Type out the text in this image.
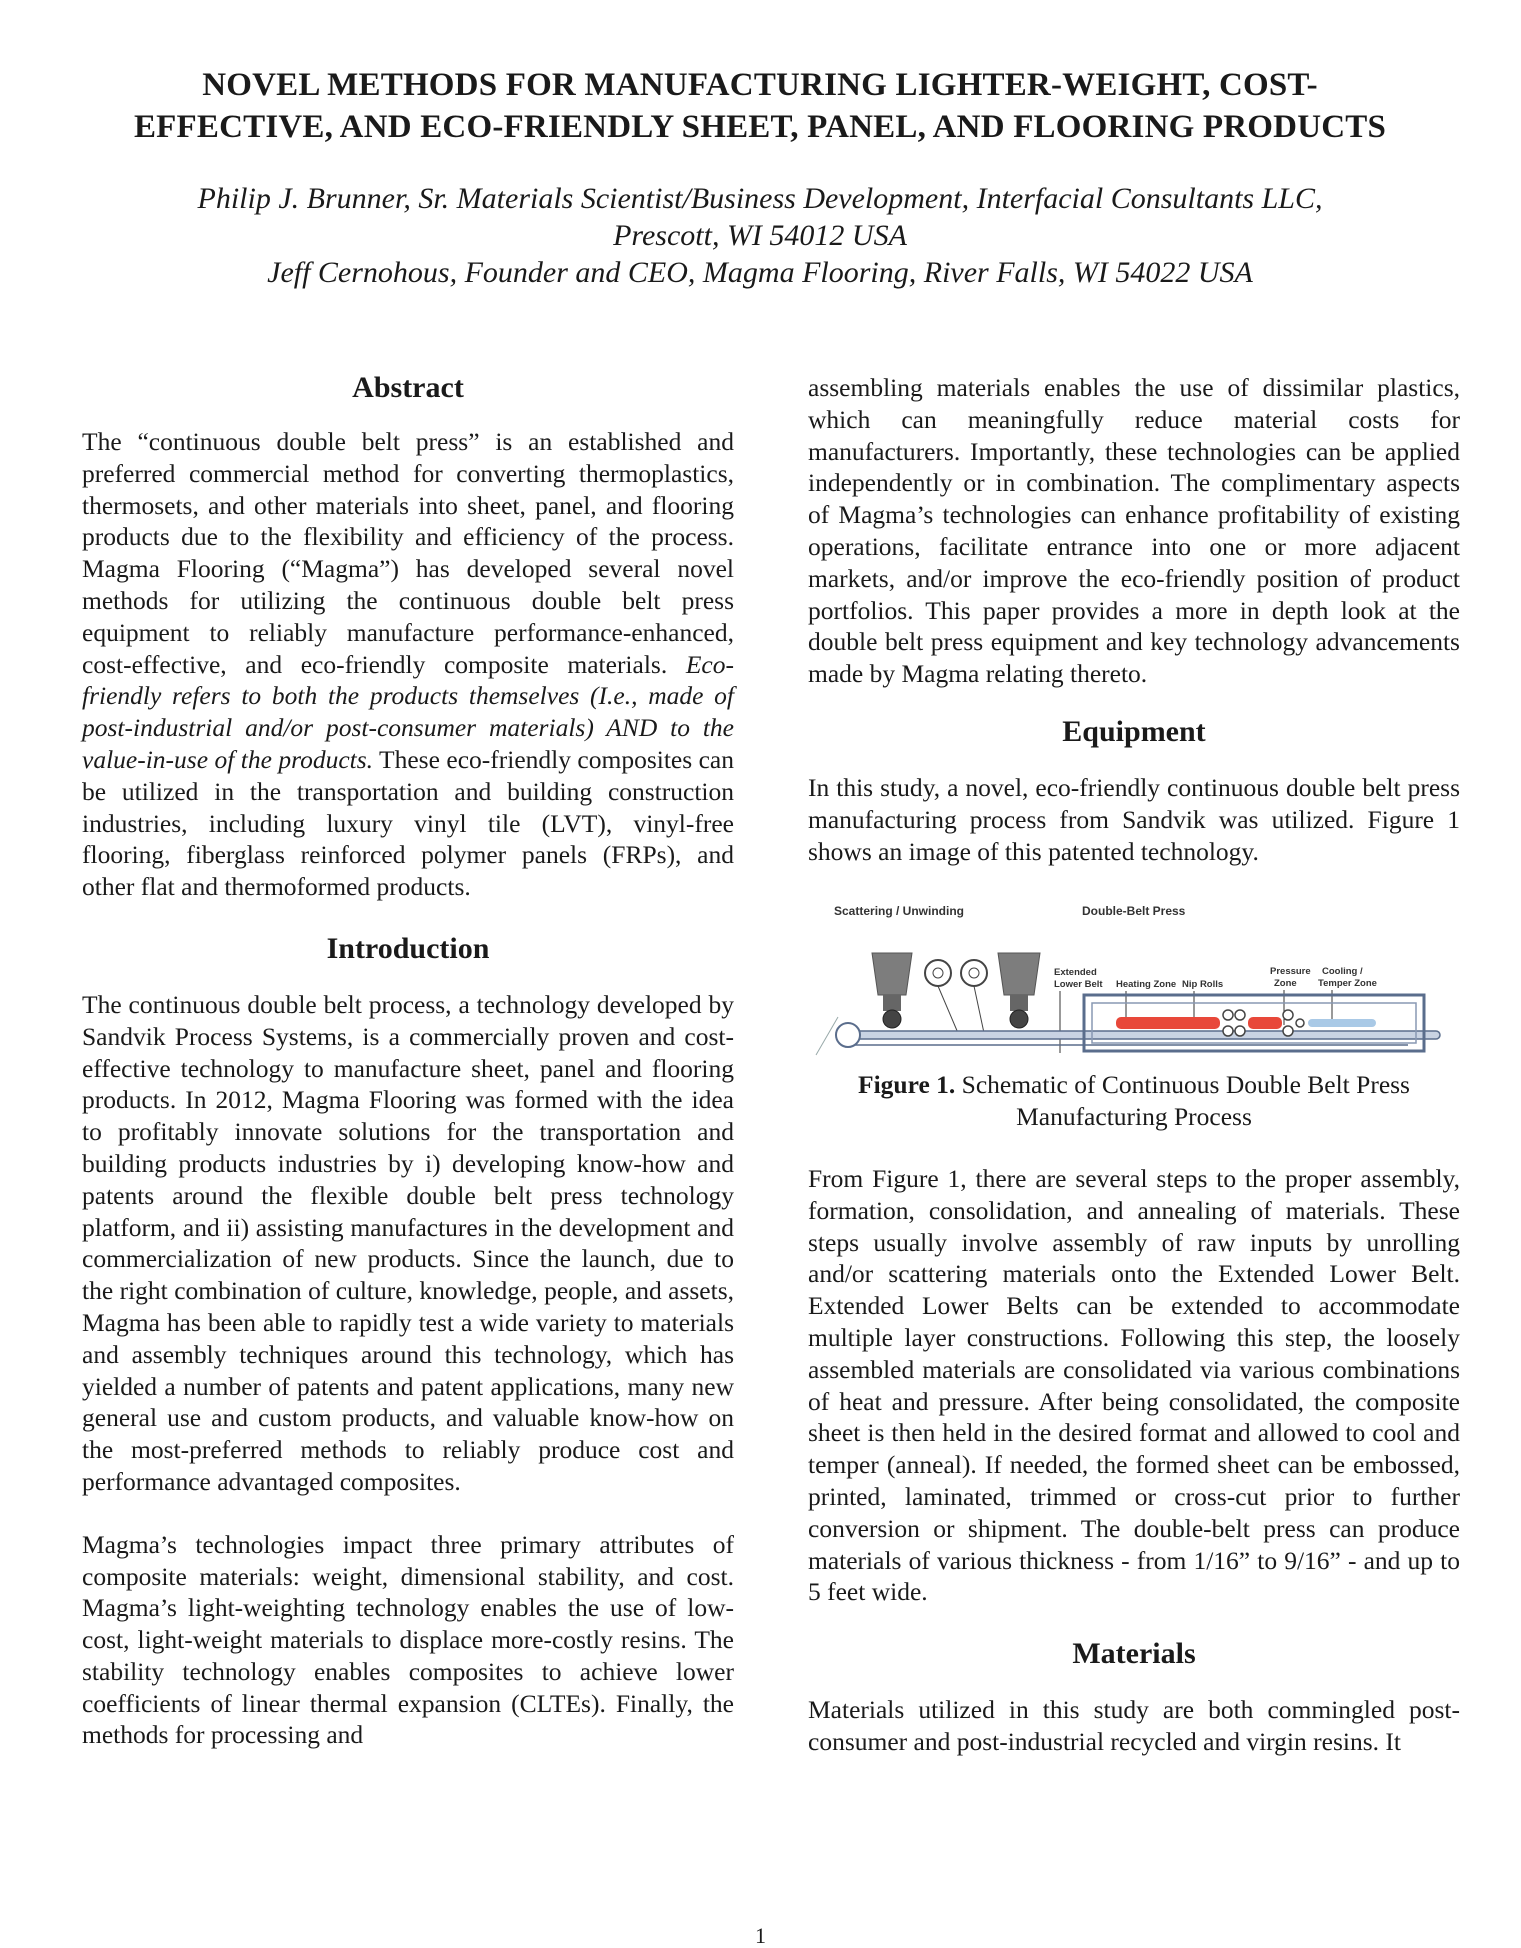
NOVEL METHODS FOR MANUFACTURING LIGHTER-WEIGHT, COST-
EFFECTIVE, AND ECO-FRIENDLY SHEET, PANEL, AND FLOORING PRODUCTS
Philip J. Brunner, Sr. Materials Scientist/Business Development, Interfacial Consultants LLC,
Prescott, WI 54012 USA
Jeff Cernohous, Founder and CEO, Magma Flooring, River Falls, WI 54022 USA
Abstract

The “continuous double belt press” is an established and preferred commercial method for converting thermoplastics, thermosets, and other materials into sheet, panel, and flooring products due to the flexibility and efficiency of the process. Magma Flooring (“Magma”) has developed several novel methods for utilizing the continuous double belt press equipment to reliably manufacture performance-enhanced, cost-effective, and eco-friendly composite materials. Eco-friendly refers to both the products themselves (I.e., made of post-industrial and/or post-consumer materials) AND to the value-in-use of the products. These eco-friendly composites can be utilized in the transportation and building construction industries, including luxury vinyl tile (LVT), vinyl-free flooring, fiberglass reinforced polymer panels (FRPs), and other flat and thermoformed products.

Introduction

The continuous double belt process, a technology developed by Sandvik Process Systems, is a commercially proven and cost-effective technology to manufacture sheet, panel and flooring products. In 2012, Magma Flooring was formed with the idea to profitably innovate solutions for the transportation and building products industries by i) developing know-how and patents around the flexible double belt press technology platform, and ii) assisting manufactures in the development and commercialization of new products. Since the launch, due to the right combination of culture, knowledge, people, and assets, Magma has been able to rapidly test a wide variety to materials and assembly techniques around this technology, which has yielded a number of patents and patent applications, many new general use and custom products, and valuable know-how on the most-preferred methods to reliably produce cost and performance advantaged composites.

Magma’s technologies impact three primary attributes of composite materials: weight, dimensional stability, and cost. Magma’s light-weighting technology enables the use of low-cost, light-weight materials to displace more-costly resins. The stability technology enables composites to achieve lower coefficients of linear thermal expansion (CLTEs). Finally, the methods for processing and

assembling materials enables the use of dissimilar plastics, which can meaningfully reduce material costs for manufacturers. Importantly, these technologies can be applied independently or in combination. The complimentary aspects of Magma’s technologies can enhance profitability of existing operations, facilitate entrance into one or more adjacent markets, and/or improve the eco-friendly position of product portfolios. This paper provides a more in depth look at the double belt press equipment and key technology advancements made by Magma relating thereto.

Equipment

In this study, a novel, eco-friendly continuous double belt press manufacturing process from Sandvik was utilized. Figure 1 shows an image of this patented technology.

Scattering / Unwinding	Double-Belt Press
Extended
Lower Belt Heating Zone Nip Rolls
Pressure
Zone
Cooling /
Temper Zone

Figure 1. Schematic of Continuous Double Belt Press Manufacturing Process

From Figure 1, there are several steps to the proper assembly, formation, consolidation, and annealing of materials. These steps usually involve assembly of raw inputs by unrolling and/or scattering materials onto the Extended Lower Belt. Extended Lower Belts can be extended to accommodate multiple layer constructions. Following this step, the loosely assembled materials are consolidated via various combinations of heat and pressure. After being consolidated, the composite sheet is then held in the desired format and allowed to cool and temper (anneal). If needed, the formed sheet can be embossed, printed, laminated, trimmed or cross-cut prior to further conversion or shipment. The double-belt press can produce materials of various thickness - from 1/16” to 9/16” - and up to 5 feet wide.

Materials

Materials utilized in this study are both commingled post-consumer and post-industrial recycled and virgin resins. It

1
